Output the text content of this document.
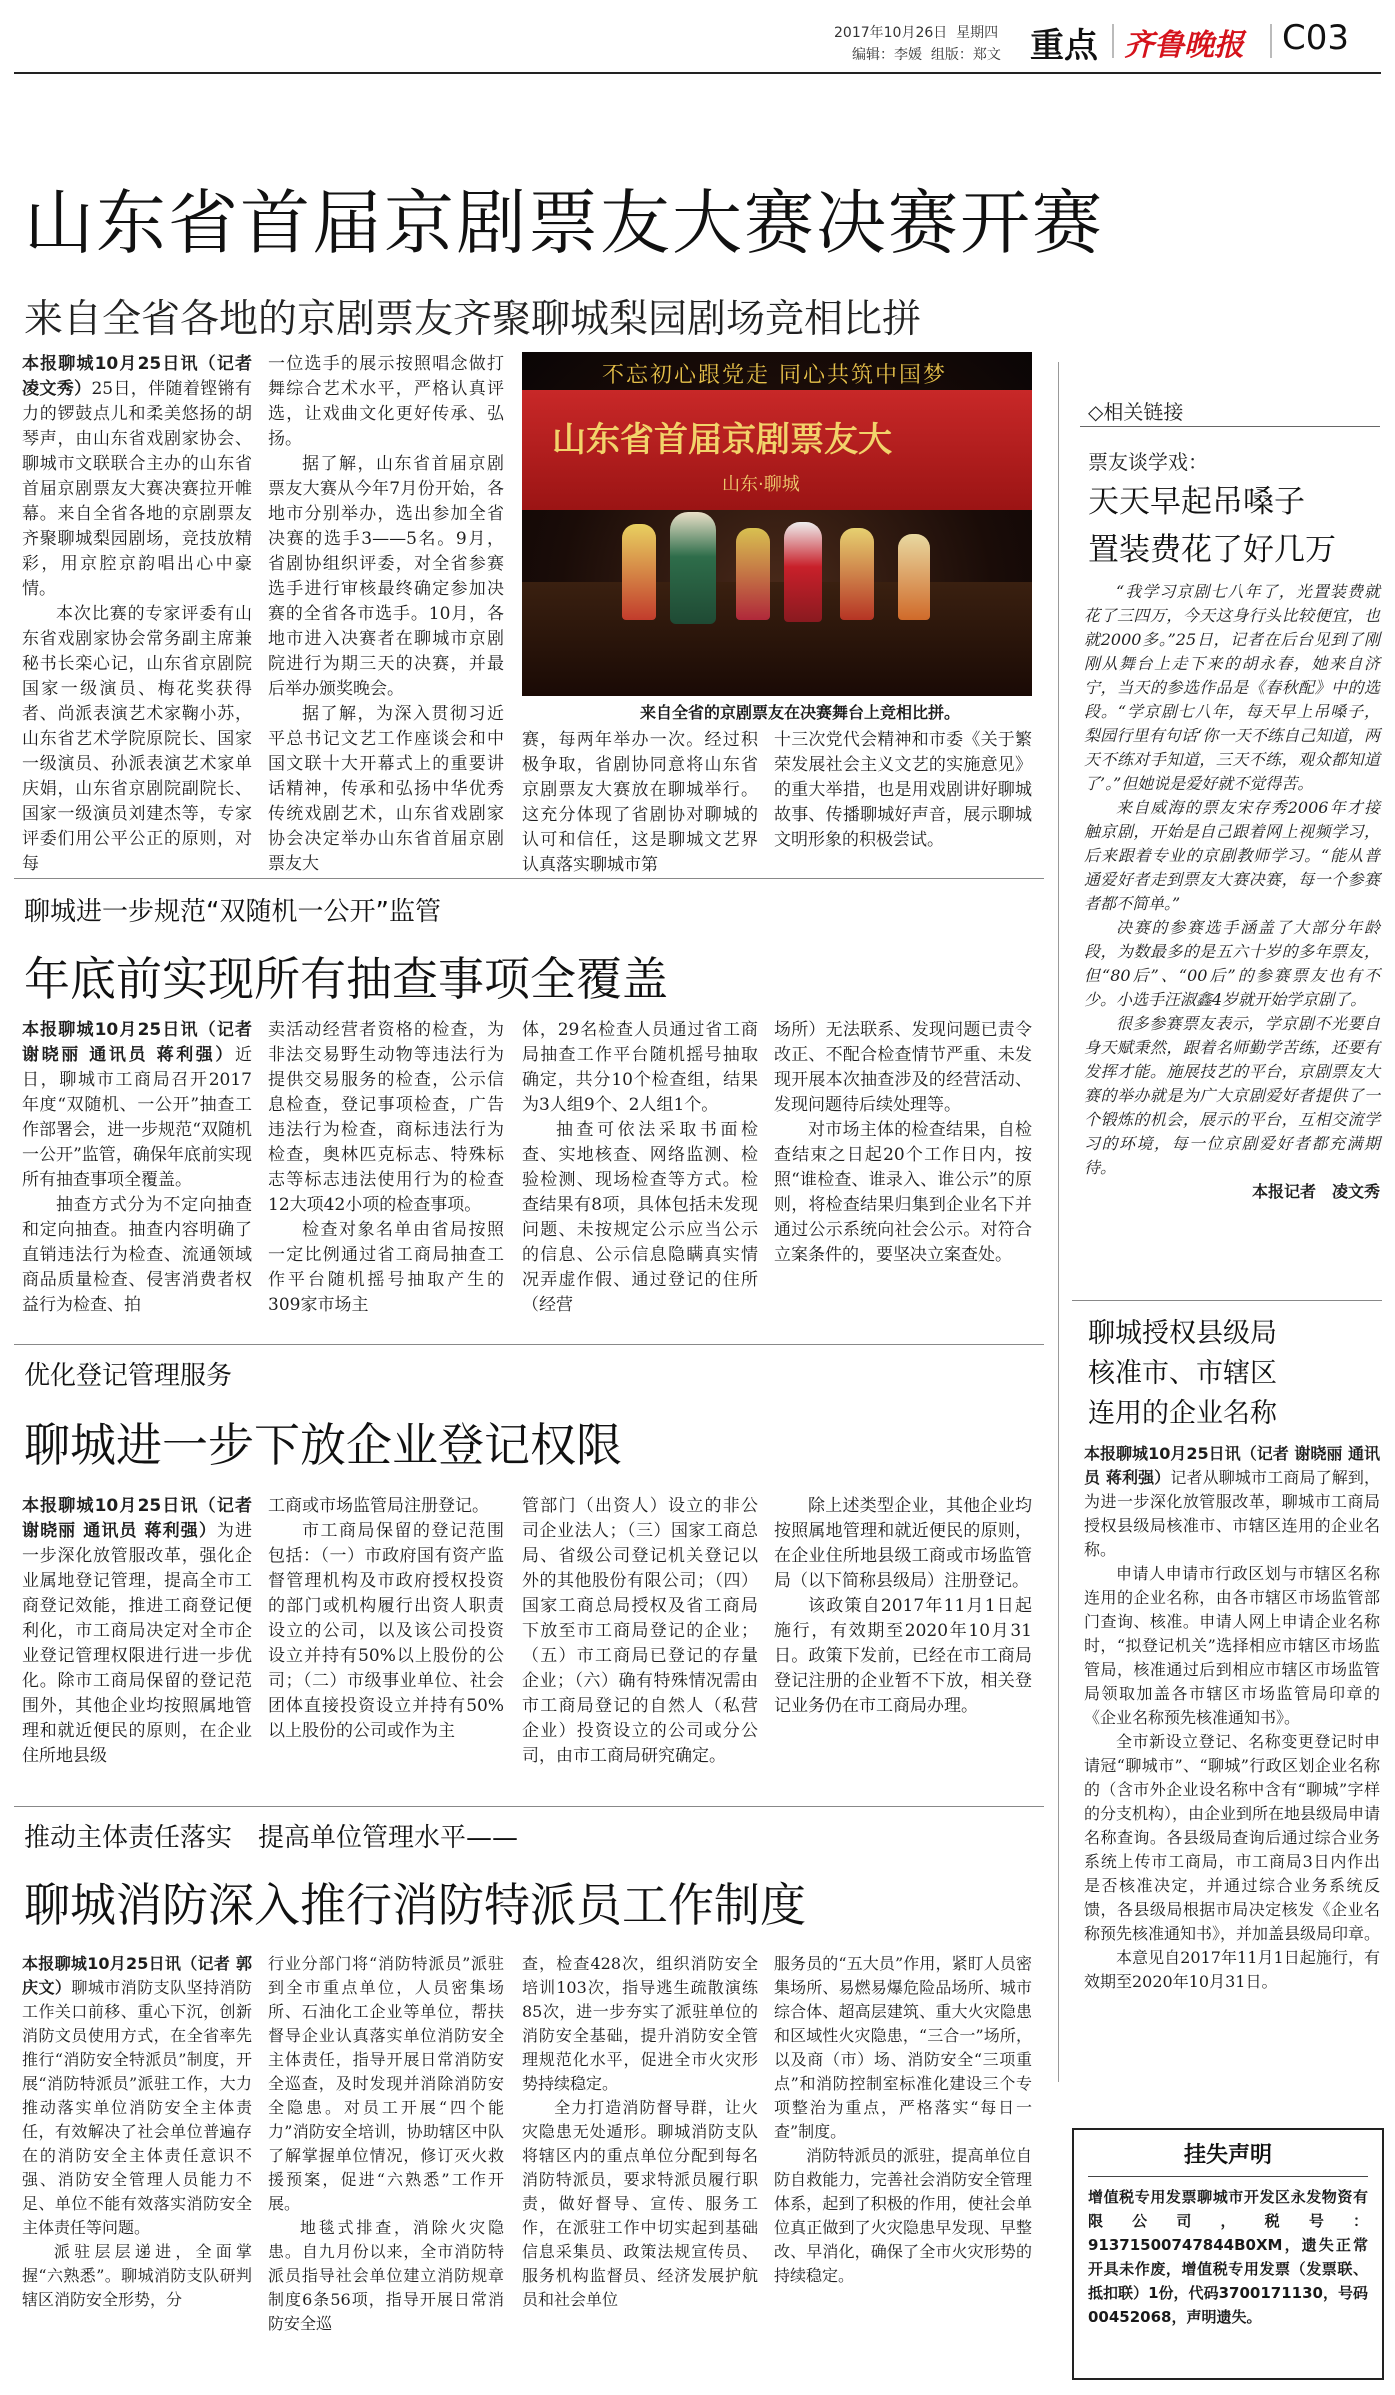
2017年10月26日 星期四
编辑：李媛 组版：郑文 重点 齐鲁晚报 C03
山东省首届京剧票友大赛决赛开赛
来自全省各地的京剧票友齐聚聊城梨园剧场竞相比拼

本报聊城10月25日讯（记者 凌文秀）25日，伴随着铿锵有力的锣鼓点儿和柔美悠扬的胡琴声，由山东省戏剧家协会、聊城市文联联合主办的山东省首届京剧票友大赛决赛拉开帷幕。来自全省各地的京剧票友齐聚聊城梨园剧场，竞技放精彩，用京腔京韵唱出心中豪情。

本次比赛的专家评委有山东省戏剧家协会常务副主席兼秘书长栾心记，山东省京剧院国家一级演员、梅花奖获得者、尚派表演艺术家鞠小苏，山东省艺术学院原院长、国家一级演员、孙派表演艺术家单庆娟，山东省京剧院副院长、国家一级演员刘建杰等，专家评委们用公平公正的原则，对每

一位选手的展示按照唱念做打舞综合艺术水平，严格认真评选，让戏曲文化更好传承、弘扬。

据了解，山东省首届京剧票友大赛从今年7月份开始，各地市分别举办，选出参加全省决赛的选手3——5名。9月，省剧协组织评委，对全省参赛选手进行审核最终确定参加决赛的全省各市选手。10月，各地市进入决赛者在聊城市京剧院进行为期三天的决赛，并最后举办颁奖晚会。

据了解，为深入贯彻习近平总书记文艺工作座谈会和中国文联十大开幕式上的重要讲话精神，传承和弘扬中华优秀传统戏剧艺术，山东省戏剧家协会决定举办山东省首届京剧票友大

不忘初心跟党走 同心共筑中国梦
山东省首届京剧票友大
山东·聊城
来自全省的京剧票友在决赛舞台上竞相比拼。

赛，每两年举办一次。经过积极争取，省剧协同意将山东省京剧票友大赛放在聊城举行。这充分体现了省剧协对聊城的认可和信任，这是聊城文艺界认真落实聊城市第

十三次党代会精神和市委《关于繁荣发展社会主义文艺的实施意见》的重大举措，也是用戏剧讲好聊城故事、传播聊城好声音，展示聊城文明形象的积极尝试。

◇相关链接
票友谈学戏：
天天早起吊嗓子
置装费花了好几万

“我学习京剧七八年了，光置装费就花了三四万，今天这身行头比较便宜，也就2000多。”25日，记者在后台见到了刚刚从舞台上走下来的胡永春，她来自济宁，当天的参选作品是《春秋配》中的选段。“学京剧七八年，每天早上吊嗓子，梨园行里有句话‘你一天不练自己知道，两天不练对手知道，三天不练，观众都知道了’。”但她说是爱好就不觉得苦。

来自威海的票友宋存秀2006年才接触京剧，开始是自己跟着网上视频学习，后来跟着专业的京剧教师学习。“能从普通爱好者走到票友大赛决赛，每一个参赛者都不简单。”

决赛的参赛选手涵盖了大部分年龄段，为数最多的是五六十岁的多年票友，但“80后”、“00后”的参赛票友也有不少。小选手汪淑鑫4岁就开始学京剧了。

很多参赛票友表示，学京剧不光要自身天赋秉然，跟着名师勤学苦练，还要有发挥才能。施展技艺的平台，京剧票友大赛的举办就是为广大京剧爱好者提供了一个锻炼的机会，展示的平台，互相交流学习的环境，每一位京剧爱好者都充满期待。

本报记者　凌文秀

聊城进一步规范“双随机一公开”监管
年底前实现所有抽查事项全覆盖

本报聊城10月25日讯（记者 谢晓丽 通讯员 蒋利强）近日，聊城市工商局召开2017年度“双随机、一公开”抽查工作部署会，进一步规范“双随机一公开”监管，确保年底前实现所有抽查事项全覆盖。

抽查方式分为不定向抽查和定向抽查。抽查内容明确了直销违法行为检查、流通领域商品质量检查、侵害消费者权益行为检查、拍

卖活动经营者资格的检查，为非法交易野生动物等违法行为提供交易服务的检查，公示信息检查，登记事项检查，广告违法行为检查，商标违法行为检查，奥林匹克标志、特殊标志等标志违法使用行为的检查12大项42小项的检查事项。

检查对象名单由省局按照一定比例通过省工商局抽查工作平台随机摇号抽取产生的309家市场主

体，29名检查人员通过省工商局抽查工作平台随机摇号抽取确定，共分10个检查组，结果为3人组9个、2人组1个。

抽查可依法采取书面检查、实地核查、网络监测、检验检测、现场检查等方式。检查结果有8项，具体包括未发现问题、未按规定公示应当公示的信息、公示信息隐瞒真实情况弄虚作假、通过登记的住所（经营

场所）无法联系、发现问题已责令改正、不配合检查情节严重、未发现开展本次抽查涉及的经营活动、发现问题待后续处理等。

对市场主体的检查结果，自检查结束之日起20个工作日内，按照“谁检查、谁录入、谁公示”的原则，将检查结果归集到企业名下并通过公示系统向社会公示。对符合立案条件的，要坚决立案查处。

优化登记管理服务
聊城进一步下放企业登记权限

本报聊城10月25日讯（记者 谢晓丽 通讯员 蒋利强）为进一步深化放管服改革，强化企业属地登记管理，提高全市工商登记效能，推进工商登记便利化，市工商局决定对全市企业登记管理权限进行进一步优化。除市工商局保留的登记范围外，其他企业均按照属地管理和就近便民的原则，在企业住所地县级

工商或市场监管局注册登记。

市工商局保留的登记范围包括：（一）市政府国有资产监督管理机构及市政府授权投资的部门或机构履行出资人职责设立的公司，以及该公司投资设立并持有50%以上股份的公司；（二）市级事业单位、社会团体直接投资设立并持有50%以上股份的公司或作为主

管部门（出资人）设立的非公司企业法人；（三）国家工商总局、省级公司登记机关登记以外的其他股份有限公司；（四）国家工商总局授权及省工商局下放至市工商局登记的企业；（五）市工商局已登记的存量企业；（六）确有特殊情况需由市工商局登记的自然人（私营企业）投资设立的公司或分公司，由市工商局研究确定。

除上述类型企业，其他企业均按照属地管理和就近便民的原则，在企业住所地县级工商或市场监管局（以下简称县级局）注册登记。

该政策自2017年11月1日起施行，有效期至2020年10月31日。政策下发前，已经在市工商局登记注册的企业暂不下放，相关登记业务仍在市工商局办理。

聊城授权县级局
核准市、市辖区
连用的企业名称

本报聊城10月25日讯（记者 谢晓丽 通讯员 蒋利强）记者从聊城市工商局了解到，为进一步深化放管服改革，聊城市工商局授权县级局核准市、市辖区连用的企业名称。

申请人申请市行政区划与市辖区名称连用的企业名称，由各市辖区市场监管部门查询、核准。申请人网上申请企业名称时，“拟登记机关”选择相应市辖区市场监管局，核准通过后到相应市辖区市场监管局领取加盖各市辖区市场监管局印章的《企业名称预先核准通知书》。

全市新设立登记、名称变更登记时申请冠“聊城市”、“聊城”行政区划企业名称的（含市外企业设名称中含有“聊城”字样的分支机构），由企业到所在地县级局申请名称查询。各县级局查询后通过综合业务系统上传市工商局，市工商局3日内作出是否核准决定，并通过综合业务系统反馈，各县级局根据市局决定核发《企业名称预先核准通知书》，并加盖县级局印章。

本意见自2017年11月1日起施行，有效期至2020年10月31日。

推动主体责任落实　提高单位管理水平——
聊城消防深入推行消防特派员工作制度

本报聊城10月25日讯（记者 郭庆文）聊城市消防支队坚持消防工作关口前移、重心下沉，创新消防文员使用方式，在全省率先推行“消防安全特派员”制度，开展“消防特派员”派驻工作，大力推动落实单位消防安全主体责任，有效解决了社会单位普遍存在的消防安全主体责任意识不强、消防安全管理人员能力不足、单位不能有效落实消防安全主体责任等问题。

派驻层层递进，全面掌握“六熟悉”。聊城消防支队研判辖区消防安全形势，分

行业分部门将“消防特派员”派驻到全市重点单位，人员密集场所、石油化工企业等单位，帮扶督导企业认真落实单位消防安全主体责任，指导开展日常消防安全巡查，及时发现并消除消防安全隐患。对员工开展“四个能力”消防安全培训，协助辖区中队了解掌握单位情况，修订灭火救援预案，促进“六熟悉”工作开展。

地毯式排查，消除火灾隐患。自九月份以来，全市消防特派员指导社会单位建立消防规章制度6条56项，指导开展日常消防安全巡

查，检查428次，组织消防安全培训103次，指导逃生疏散演练85次，进一步夯实了派驻单位的消防安全基础，提升消防安全管理规范化水平，促进全市火灾形势持续稳定。

全力打造消防督导群，让火灾隐患无处遁形。聊城消防支队将辖区内的重点单位分配到每名消防特派员，要求特派员履行职责，做好督导、宣传、服务工作，在派驻工作中切实起到基础信息采集员、政策法规宣传员、服务机构监督员、经济发展护航员和社会单位

服务员的“五大员”作用，紧盯人员密集场所、易燃易爆危险品场所、城市综合体、超高层建筑、重大火灾隐患和区域性火灾隐患，“三合一”场所，以及商（市）场、消防安全“三项重点”和消防控制室标准化建设三个专项整治为重点，严格落实“每日一查”制度。

消防特派员的派驻，提高单位自防自救能力，完善社会消防安全管理体系，起到了积极的作用，使社会单位真正做到了火灾隐患早发现、早整改、早消化，确保了全市火灾形势的持续稳定。

挂失声明
增值税专用发票聊城市开发区永发物资有限公司，税号：91371500747844B0XM，遗失正常开具未作废，增值税专用发票（发票联、抵扣联）1份，代码3700171130，号码00452068，声明遗失。
